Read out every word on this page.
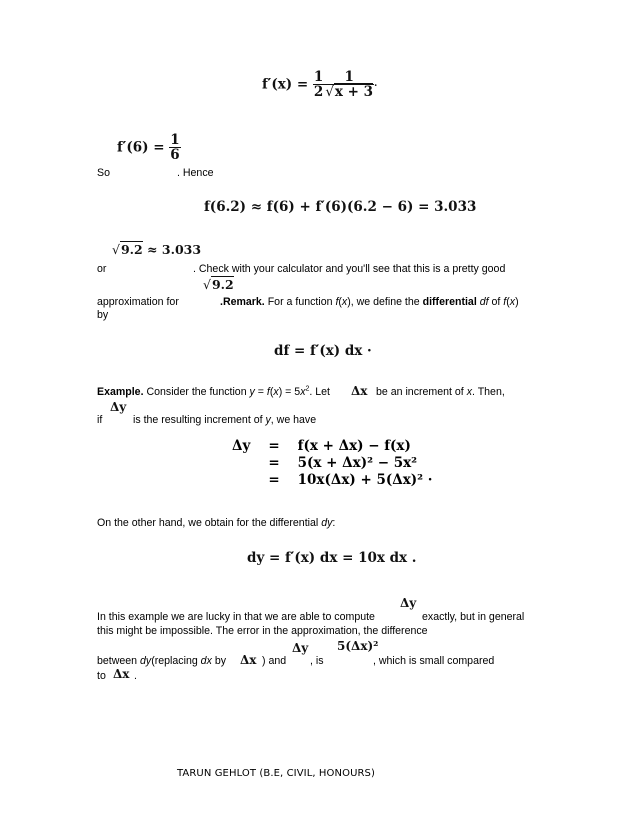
$f'(x) = \frac{1}{2} \frac{1}{√x + 3}$ ·
$f'(6) = \frac{1}{6}$
So	. Hence
f(6.2) ≈ f(6) + f′(6)(6.2 − 6) = 3.033
√9.2 ≈ 3.033
or	. Check with your calculator and you'll see that this is a pretty good
√9.2
approximation for	.Remark. For a function f(x), we define the differential df of f(x)
by
df = f′(x) dx ·
Example. Consider the function $y = f(x) = 5x^2$. Let Δx be an increment of x. Then,
Δy
if	is the resulting increment of y, we have
Δy	=	f(x + Δx) − f(x)
	=	5(x + Δx)² − 5x²
	=	10x(Δx) + 5(Δx)² ·
On the other hand, we obtain for the differential dy:
dy = f′(x) dx = 10x dx .
Δy
In this example we are lucky in that we are able to compute	exactly, but in general
this might be impossible. The error in the approximation, the difference
Δy 5(Δx)²
between dy(replacing dx by Δx ) and , is	, which is small compared
to Δx .
TARUN GEHLOT (B.E, CIVIL, HONOURS)
